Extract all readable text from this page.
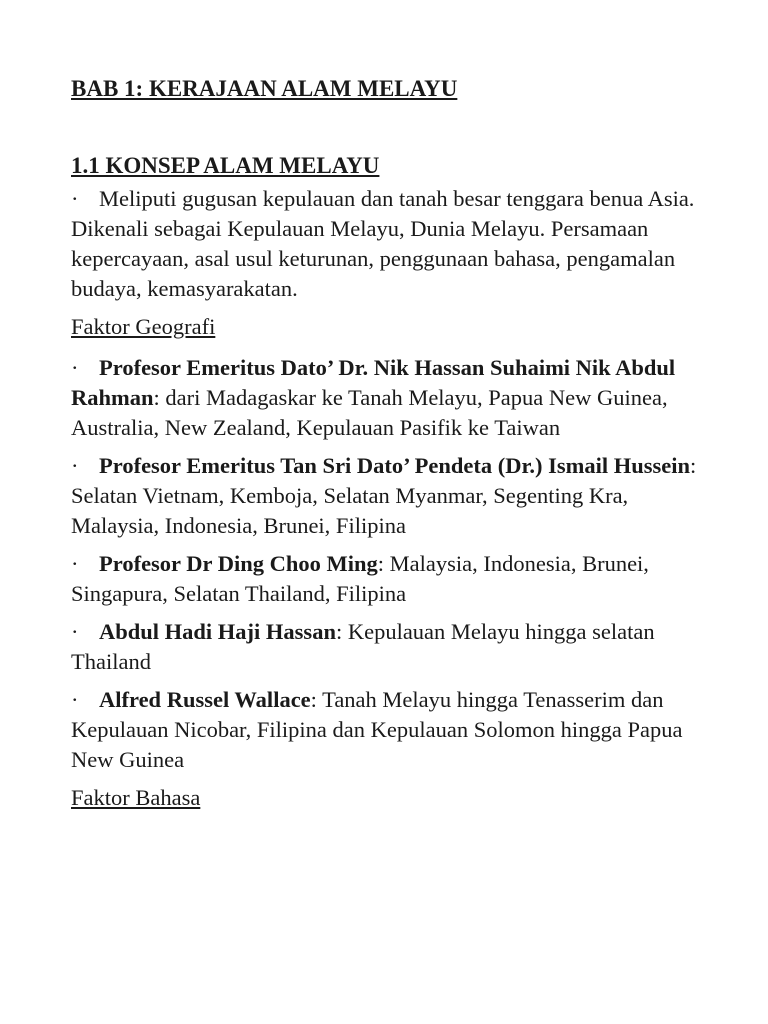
BAB 1: KERAJAAN ALAM MELAYU
1.1 KONSEP ALAM MELAYU

· Meliputi gugusan kepulauan dan tanah besar tenggara benua Asia. Dikenali sebagai Kepulauan Melayu, Dunia Melayu. Persamaan kepercayaan, asal usul keturunan, penggunaan bahasa, pengamalan budaya, kemasyarakatan.

Faktor Geografi

· Profesor Emeritus Dato’ Dr. Nik Hassan Suhaimi Nik Abdul Rahman: dari Madagaskar ke Tanah Melayu, Papua New Guinea, Australia, New Zealand, Kepulauan Pasifik ke Taiwan

· Profesor Emeritus Tan Sri Dato’ Pendeta (Dr.) Ismail Hussein: Selatan Vietnam, Kemboja, Selatan Myanmar, Segenting Kra, Malaysia, Indonesia, Brunei, Filipina

· Profesor Dr Ding Choo Ming: Malaysia, Indonesia, Brunei, Singapura, Selatan Thailand, Filipina

· Abdul Hadi Haji Hassan: Kepulauan Melayu hingga selatan Thailand

· Alfred Russel Wallace: Tanah Melayu hingga Tenasserim dan Kepulauan Nicobar, Filipina dan Kepulauan Solomon hingga Papua New Guinea

Faktor Bahasa
